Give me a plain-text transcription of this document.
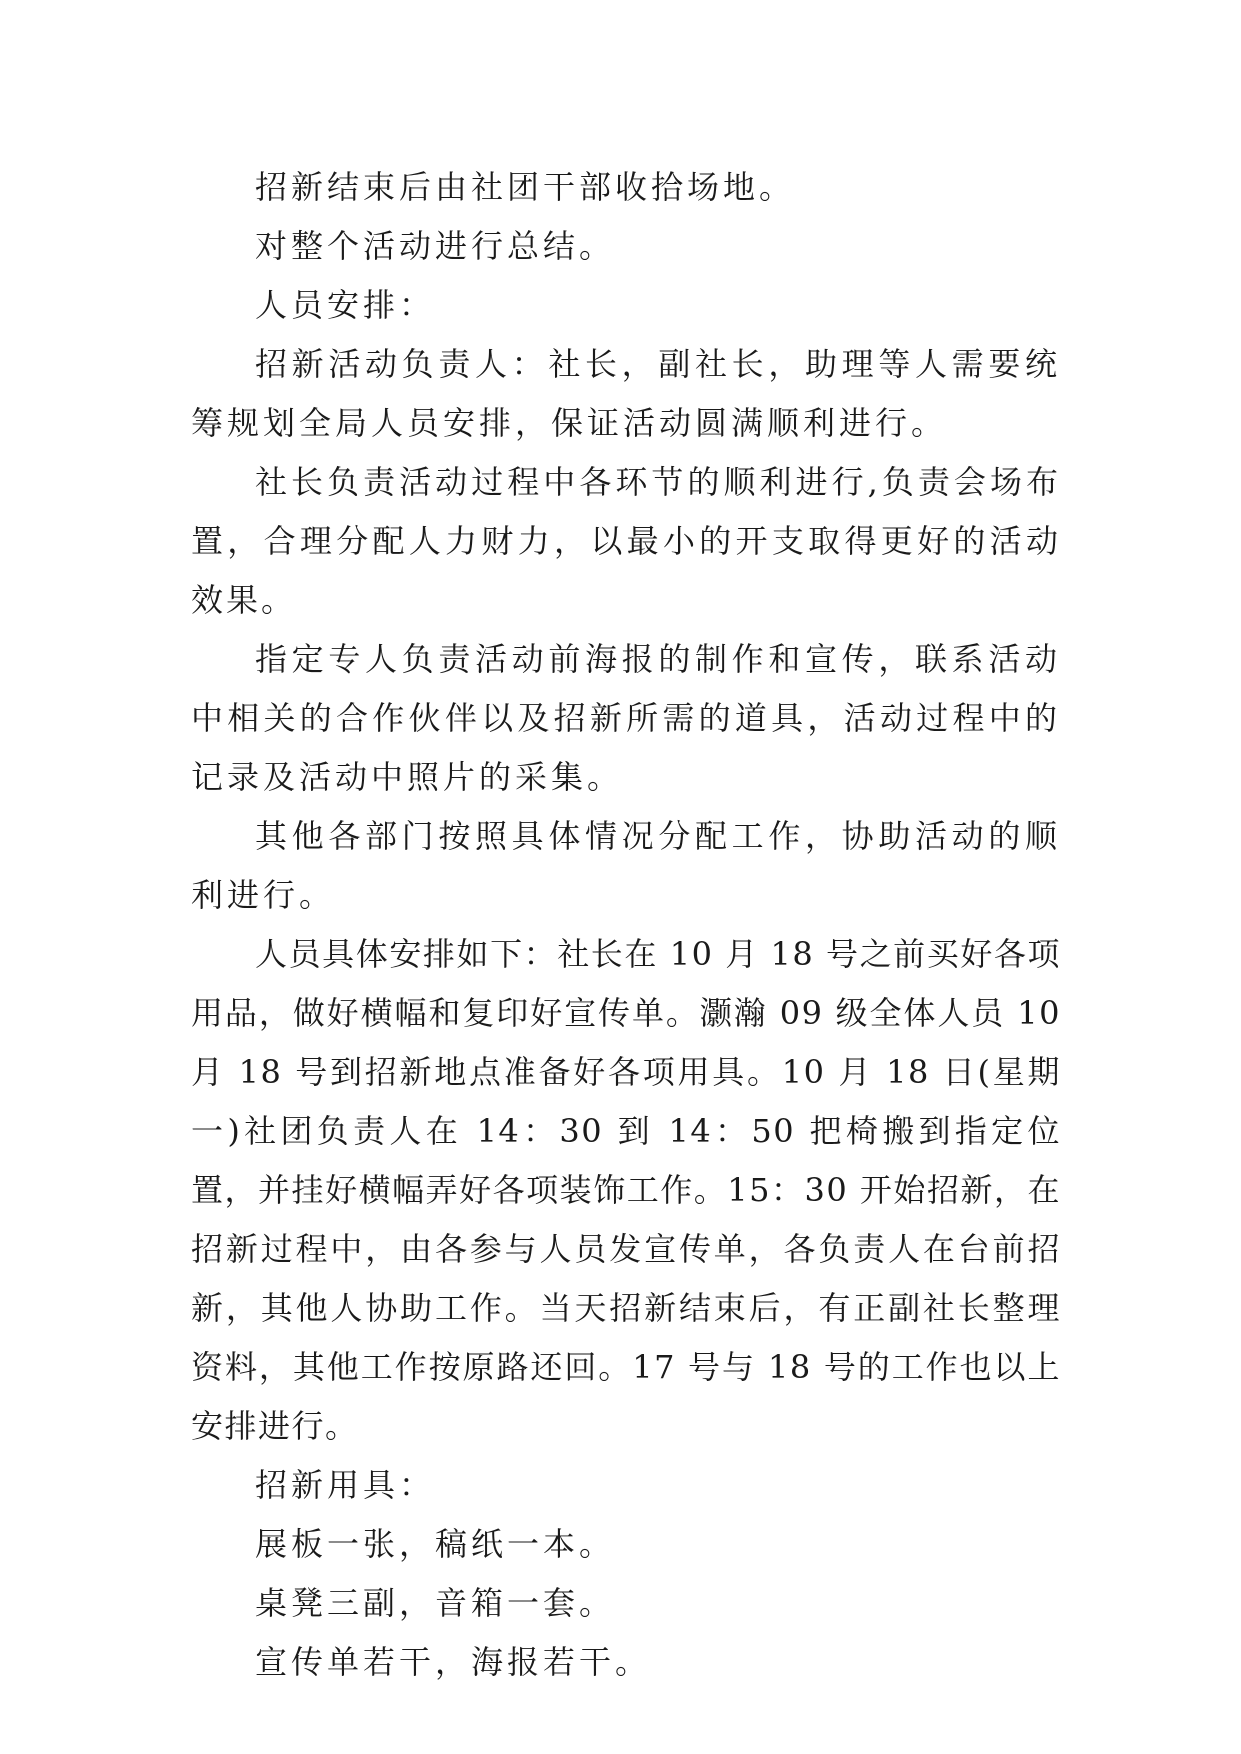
招新结束后由社团干部收拾场地。

对整个活动进行总结。

人员安排：

招新活动负责人：社长，副社长，助理等人需要统筹规划全局人员安排，保证活动圆满顺利进行。

社长负责活动过程中各环节的顺利进行,负责会场布置，合理分配人力财力，以最小的开支取得更好的活动效果。

指定专人负责活动前海报的制作和宣传，联系活动中相关的合作伙伴以及招新所需的道具，活动过程中的记录及活动中照片的采集。

其他各部门按照具体情况分配工作，协助活动的顺利进行。

人员具体安排如下：社长在 10 月 18 号之前买好各项用品，做好横幅和复印好宣传单。灏瀚 09 级全体人员 10 月 18 号到招新地点准备好各项用具。10 月 18 日(星期一)社团负责人在 14：30 到 14：50 把椅搬到指定位置，并挂好横幅弄好各项装饰工作。15：30 开始招新，在招新过程中，由各参与人员发宣传单，各负责人在台前招新，其他人协助工作。当天招新结束后，有正副社长整理资料，其他工作按原路还回。17 号与 18 号的工作也以上安排进行。

招新用具：

展板一张，稿纸一本。

桌凳三副，音箱一套。

宣传单若干，海报若干。
